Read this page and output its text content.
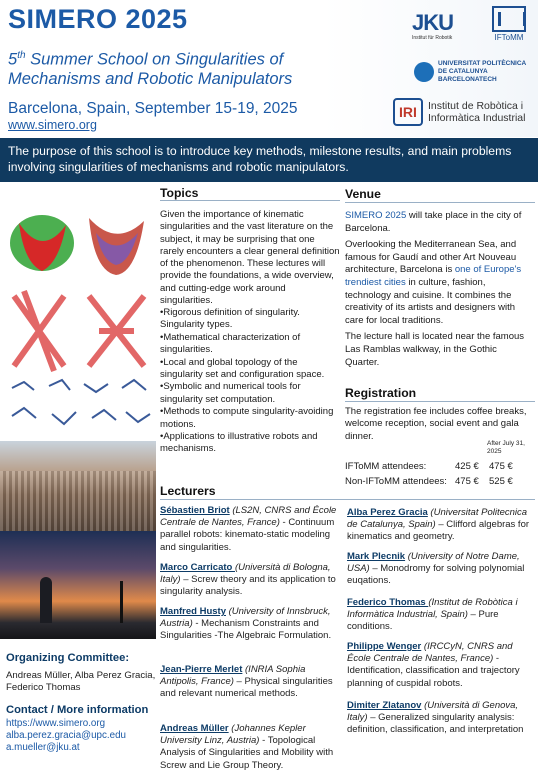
SIMERO 2025
5th Summer School on Singularities of
Mechanisms and Robotic Manipulators
Barcelona, Spain, September 15-19, 2025
www.simero.org
JKU
Institut für Robotik	IFToMM
UNIVERSITAT POLITÈCNICA
DE CATALUNYA
BARCELONATECH
IRI	Institut de Robòtica i
Informàtica Industrial
The purpose of this school is to introduce key methods, milestone results, and main problems involving singularities of mechanisms and robotic manipulators.
Organizing Committee:
Andreas Müller, Alba Perez Gracia, Federico Thomas
Contact / More information
https://www.simero.org
alba.perez.gracia@upc.edu
a.mueller@jku.at
Topics
Given the importance of kinematic singularities and the vast literature on the subject, it may be surprising that one rarely encounters a clear general definition of the phenomenon. These lectures will provide the foundations, a wide overview, and cutting-edge work around singularities.
• Rigorous definition of singularity. Singularity types.
• Mathematical characterization of singularities.
• Local and global topology of the singularity set and configuration space.
• Symbolic and numerical tools for singularity set computation.
• Methods to compute singularity-avoiding motions.
• Applications to illustrative robots and mechanisms.
Venue

SIMERO 2025 will take place in the city of Barcelona.

Overlooking the Mediterranean Sea, and famous for Gaudí and other Art Nouveau architecture, Barcelona is one of Europe's trendiest cities in culture, fashion, technology and cuisine. It combines the creativity of its artists and designers with care for local traditions.

The lecture hall is located near the famous Las Ramblas walkway, in the Gothic Quarter.

Registration
The registration fee includes coffee breaks, welcome reception, social event and gala dinner.
After July 31, 2025
IFToMM attendees:	425 € 475 €
Non-IFToMM attendees: 475 € 525 €
Lecturers
Sébastien Briot (LS2N, CNRS and École Centrale de Nantes, France) - Continuum parallel robots: kinemato-static modeling and singularities.
Marco Carricato (Università di Bologna, Italy) – Screw theory and its application to singularity analysis.
Manfred Husty (University of Innsbruck, Austria) - Mechanism Constraints and Singularities -The Algebraic Formulation.
Jean-Pierre Merlet (INRIA Sophia Antipolis, France) – Physical singularities and relevant numerical methods.
Andreas Müller (Johannes Kepler University Linz, Austria) - Topological Analysis of Singularities and Mobility with Screw and Lie Group Theory.
Alba Perez Gracia (Universitat Politecnica de Catalunya, Spain) – Clifford algebras for kinematics and geometry.
Mark Plecnik (University of Notre Dame, USA) – Monodromy for solving polynomial euqations.
Federico Thomas (Institut de Robòtica i Informàtica Industrial, Spain) – Pure conditions.
Philippe Wenger (IRCCyN, CNRS and École Centrale de Nantes, France) - Identification, classification and trajectory planning of cuspidal robots.
Dimiter Zlatanov (Università di Genova, Italy) – Generalized singularity analysis: definition, classification, and interpretation
